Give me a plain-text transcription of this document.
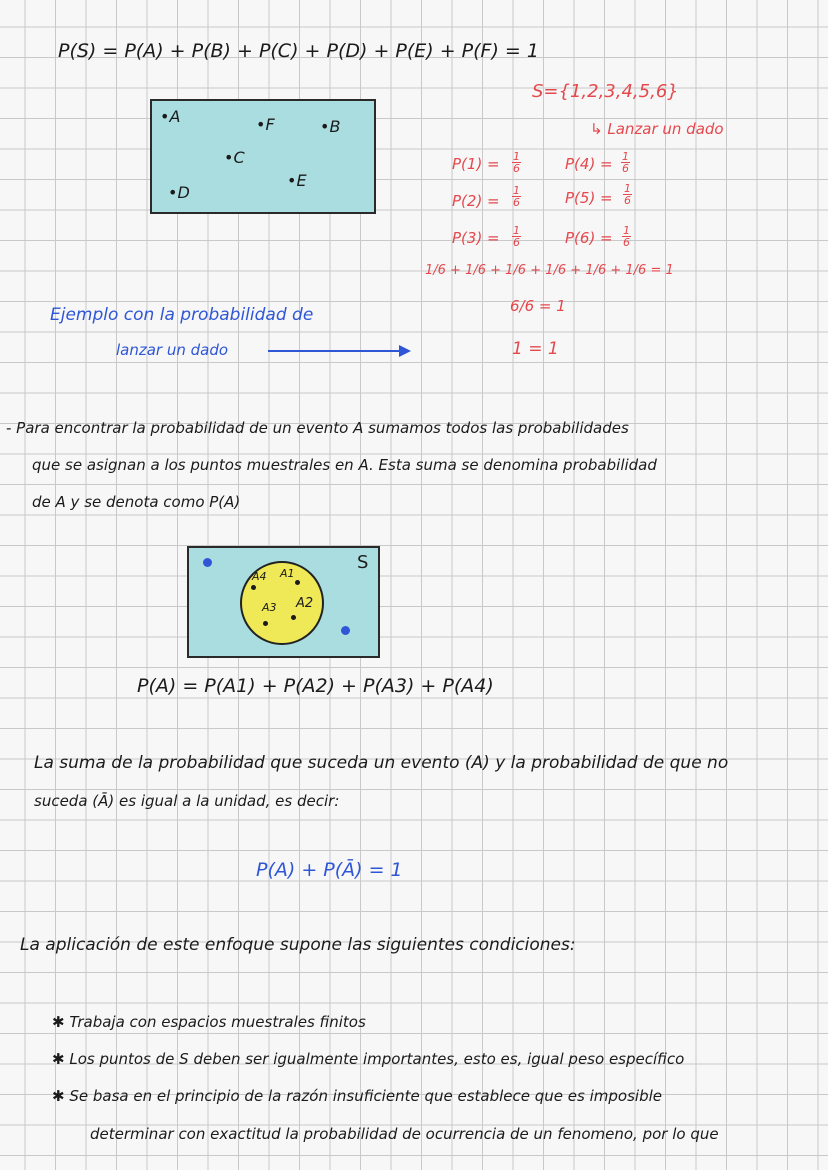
P(S) = P(A) + P(B) + P(C) + P(D) + P(E) + P(F) = 1
•A	•F	•B
•C
•E
•D
S={1,2,3,4,5,6}
↳ Lanzar un dado
$P(1) = \frac{1}{6}$	$P(4) = \frac{1}{6}$
$P(2) = \frac{1}{6}$	$P(5) = \frac{1}{6}$
$P(3) = \frac{1}{6}$	$P(6) = \frac{1}{6}$
1/6 + 1/6 + 1/6 + 1/6 + 1/6 + 1/6 = 1
6/6 = 1
1 = 1
Ejemplo con la probabilidad de
lanzar un dado
- Para encontrar la probabilidad de un evento A sumamos todos las probabilidades
que se asignan a los puntos muestrales en A. Esta suma se denomina probabilidad
de A y se denota como P(A)
S
A4 A1
A3 A2
P(A) = P(A1) + P(A2) + P(A3) + P(A4)
La suma de la probabilidad que suceda un evento (A) y la probabilidad de que no
suceda (Ā) es igual a la unidad, es decir:
P(A) + P(Ā) = 1
La aplicación de este enfoque supone las siguientes condiciones:
✱ Trabaja con espacios muestrales finitos
✱ Los puntos de S deben ser igualmente importantes, esto es, igual peso específico
✱ Se basa en el principio de la razón insuficiente que establece que es imposible
determinar con exactitud la probabilidad de ocurrencia de un fenomeno, por lo que
